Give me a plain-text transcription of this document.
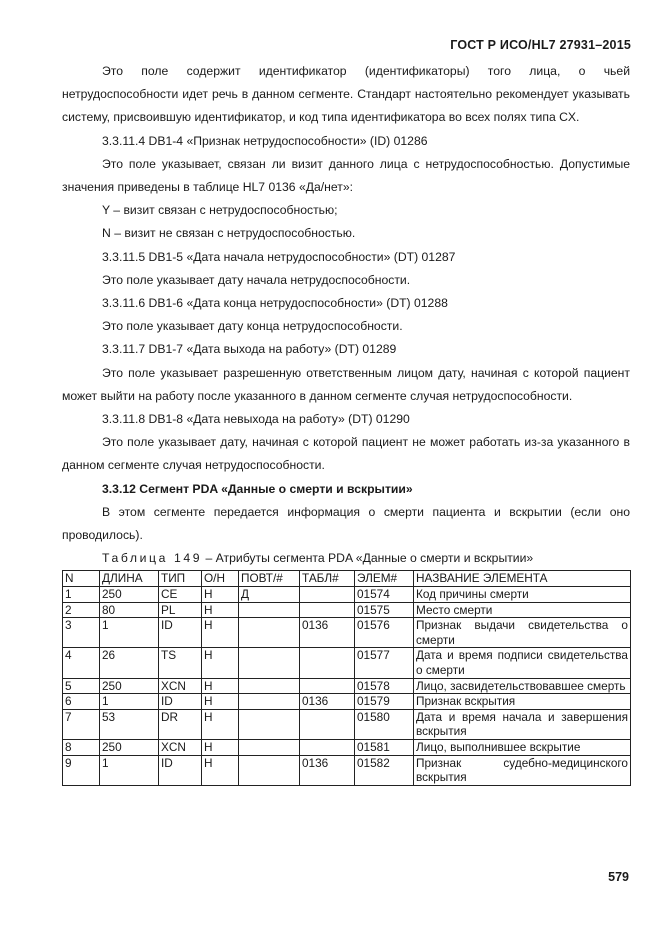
ГОСТ Р ИСО/HL7 27931–2015

Это поле содержит идентификатор (идентификаторы) того лица, о чьей нетрудоспособности идет речь в данном сегменте. Стандарт настоятельно рекомендует указывать систему, присвоившую идентификатор, и код типа идентификатора во всех полях типа CX.

3.3.11.4 DB1-4 «Признак нетрудоспособности» (ID) 01286

Это поле указывает, связан ли визит данного лица с нетрудоспособностью. Допустимые значения приведены в таблице HL7 0136 «Да/нет»:

Y – визит связан с нетрудоспособностью;

N – визит не связан с нетрудоспособностью.

3.3.11.5 DB1-5 «Дата начала нетрудоспособности» (DT) 01287

Это поле указывает дату начала нетрудоспособности.

3.3.11.6 DB1-6 «Дата конца нетрудоспособности» (DT) 01288

Это поле указывает дату конца нетрудоспособности.

3.3.11.7 DB1-7 «Дата выхода на работу» (DT) 01289

Это поле указывает разрешенную ответственным лицом дату, начиная с которой пациент может выйти на работу после указанного в данном сегменте случая нетрудоспособности.

3.3.11.8 DB1-8 «Дата невыхода на работу» (DT) 01290

Это поле указывает дату, начиная с которой пациент не может работать из-за указанного в данном сегменте случая нетрудоспособности.

3.3.12 Сегмент PDA «Данные о смерти и вскрытии»

В этом сегменте передается информация о смерти пациента и вскрытии (если оно проводилось).

Таблица 149 – Атрибуты сегмента PDA «Данные о смерти и вскрытии»

N	ДЛИНА	ТИП	О/Н	ПОВТ/#	ТАБЛ#	ЭЛЕМ#	НАЗВАНИЕ ЭЛЕМЕНТА
1	250	CE	Н	Д		01574	Код причины смерти
2	80	PL	Н			01575	Место смерти
3	1	ID	Н		0136	01576	Признак выдачи свидетельства о смерти
4	26	TS	Н			01577	Дата и время подписи свидетельства о смерти
5	250	XCN	Н			01578	Лицо, засвидетельствовавшее смерть
6	1	ID	Н		0136	01579	Признак вскрытия
7	53	DR	Н			01580	Дата и время начала и завершения вскрытия
8	250	XCN	Н			01581	Лицо, выполнившее вскрытие
9	1	ID	Н		0136	01582	Признак судебно-медицинского вскрытия
579
